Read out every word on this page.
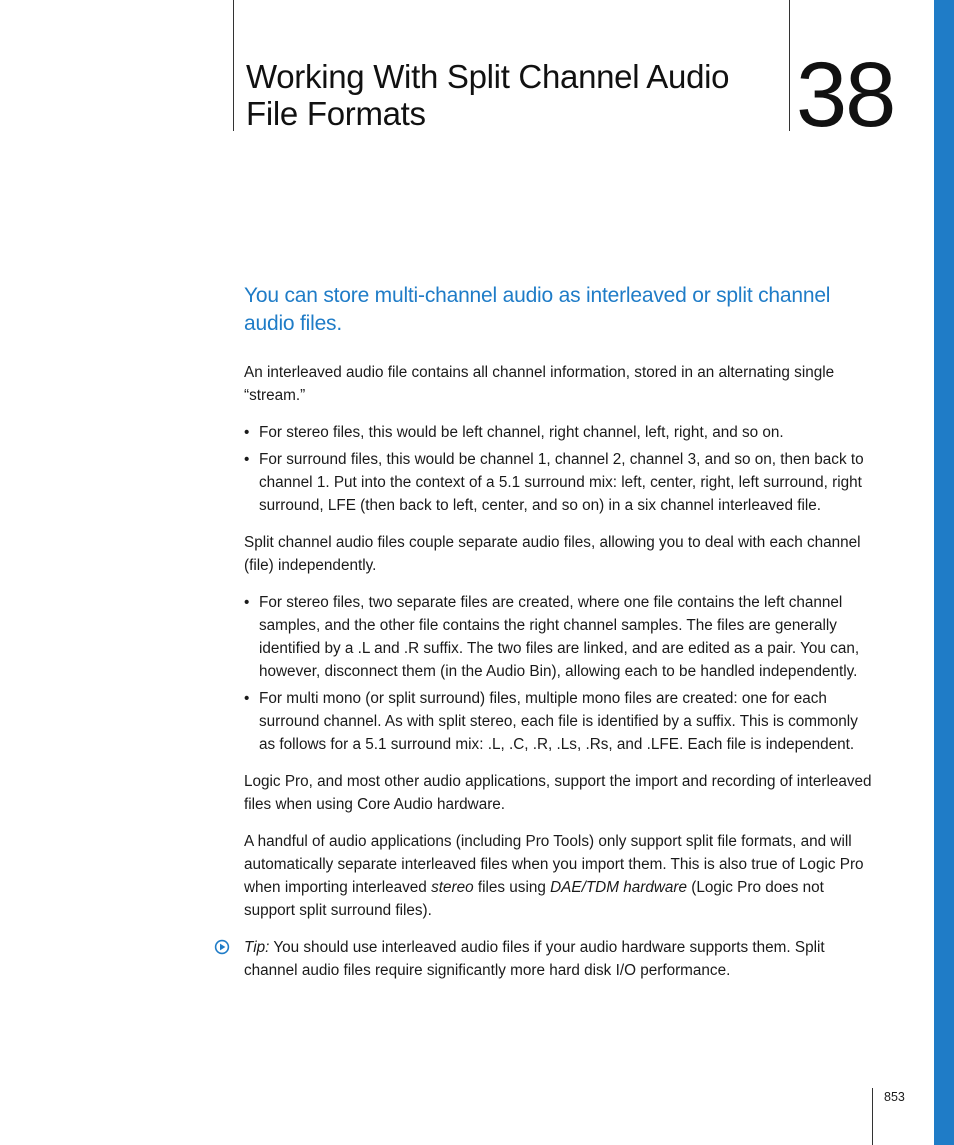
Working With Split Channel Audio
File Formats	38
You can store multi-channel audio as interleaved or split channel audio files.

An interleaved audio file contains all channel information, stored in an alternating single “stream.”

• For stereo files, this would be left channel, right channel, left, right, and so on.
• For surround files, this would be channel 1, channel 2, channel 3, and so on, then back to channel 1. Put into the context of a 5.1 surround mix: left, center, right, left surround, right surround, LFE (then back to left, center, and so on) in a six channel interleaved file.

Split channel audio files couple separate audio files, allowing you to deal with each channel (file) independently.

• For stereo files, two separate files are created, where one file contains the left channel samples, and the other file contains the right channel samples. The files are generally identified by a .L and .R suffix. The two files are linked, and are edited as a pair. You can, however, disconnect them (in the Audio Bin), allowing each to be handled independently.
• For multi mono (or split surround) files, multiple mono files are created: one for each surround channel. As with split stereo, each file is identified by a suffix. This is commonly as follows for a 5.1 surround mix: .L, .C, .R, .Ls, .Rs, and .LFE. Each file is independent.

Logic Pro, and most other audio applications, support the import and recording of interleaved files when using Core Audio hardware.

A handful of audio applications (including Pro Tools) only support split file formats, and will automatically separate interleaved files when you import them. This is also true of Logic Pro when importing interleaved stereo files using DAE/TDM hardware (Logic Pro does not support split surround files).

Tip: You should use interleaved audio files if your audio hardware supports them. Split channel audio files require significantly more hard disk I/O performance.

853
